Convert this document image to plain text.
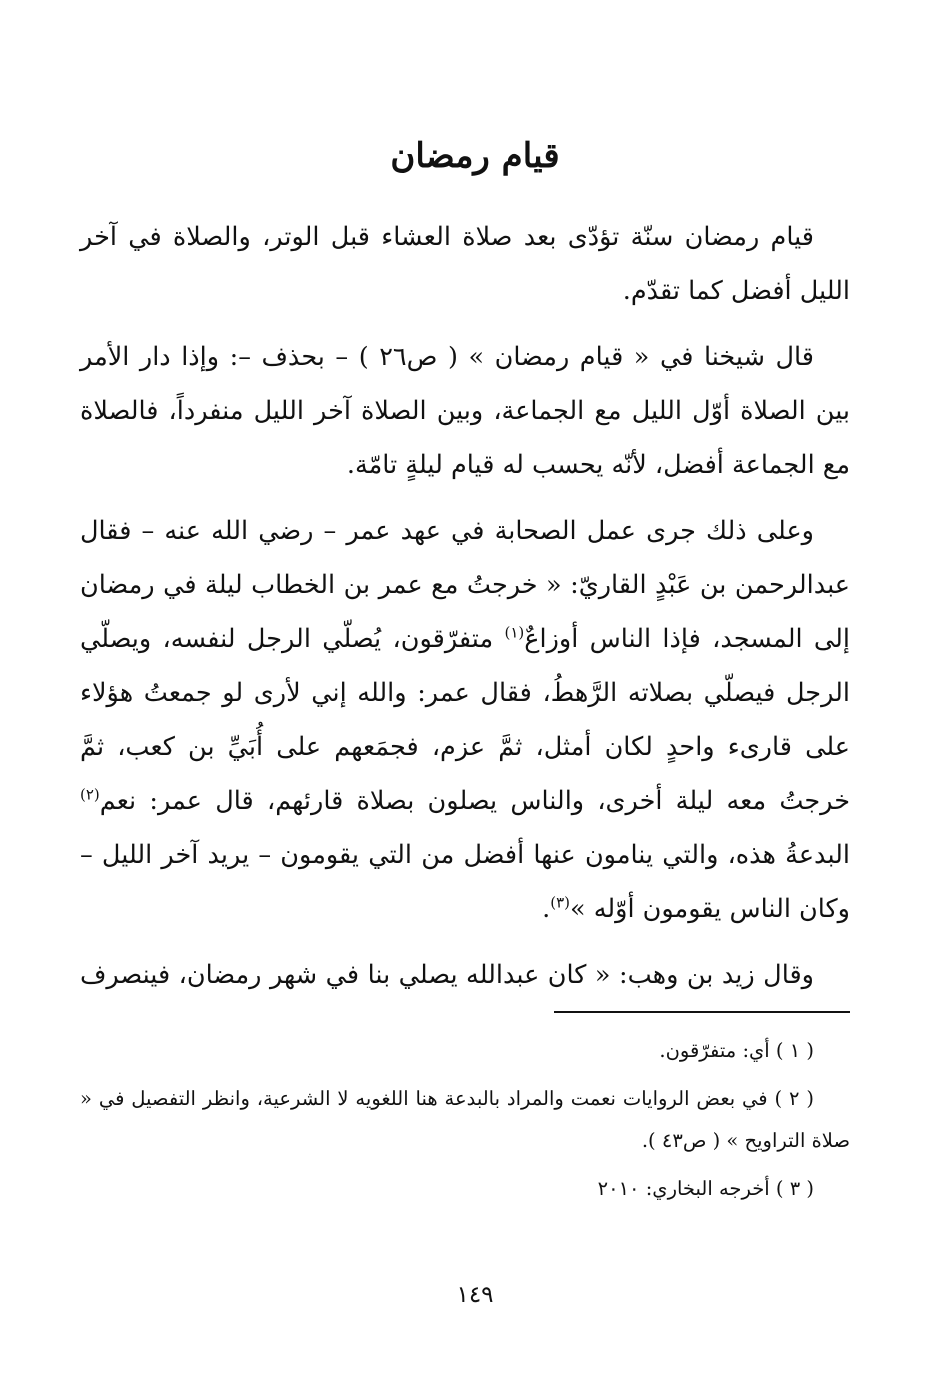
قيام رمضان

قيام رمضان سنّة تؤدّى بعد صلاة العشاء قبل الوتر، والصلاة في آخر الليل أفضل كما تقدّم.

قال شيخنا في « قيام رمضان » ( ص٢٦ ) – بحذف –: وإذا دار الأمر بين الصلاة أوّل الليل مع الجماعة، وبين الصلاة آخر الليل منفرداً، فالصلاة مع الجماعة أفضل، لأنّه يحسب له قيام ليلةٍ تامّة.

وعلى ذلك جرى عمل الصحابة في عهد عمر – رضي الله عنه – فقال عبدالرحمن بن عَبْدٍ القاريّ: « خرجتُ مع عمر بن الخطاب ليلة في رمضان إلى المسجد، فإذا الناس أوزاعٌ$^{(١)}$ متفرّقون، يُصلّي الرجل لنفسه، ويصلّي الرجل فيصلّي بصلاته الرَّهطُ، فقال عمر: والله إني لأرى لو جمعتُ هؤلاء على قارىء واحدٍ لكان أمثل، ثمَّ عزم، فجمَعهم على أُبَيِّ بن كعب، ثمَّ خرجتُ معه ليلة أخرى، والناس يصلون بصلاة قارئهم، قال عمر: نعم$^{(٢)}$ البدعةُ هذه، والتي ينامون عنها أفضل من التي يقومون – يريد آخر الليل – وكان الناس يقومون أوّله »$^{(٣)}$.

وقال زيد بن وهب: « كان عبدالله يصلي بنا في شهر رمضان، فينصرف

( ١ ) أي: متفرّقون.

( ٢ ) في بعض الروايات نعمت والمراد بالبدعة هنا اللغويه لا الشرعية، وانظر التفصيل في « صلاة التراويح » ( ص٤٣ ).

( ٣ ) أخرجه البخاري: ٢٠١٠

١٤٩
